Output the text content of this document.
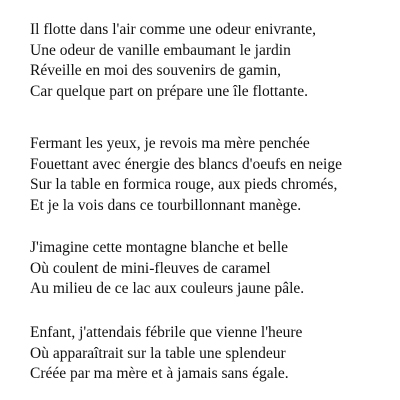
Il flotte dans l'air comme une odeur enivrante,
Une odeur de vanille embaumant le jardin
Réveille en moi des souvenirs de gamin,
Car quelque part on prépare une île flottante.
Fermant les yeux, je revois ma mère penchée
Fouettant avec énergie des blancs d'oeufs en neige
Sur la table en formica rouge, aux pieds chromés,
Et je la vois dans ce tourbillonnant manège.
J'imagine cette montagne blanche et belle
Où coulent de mini-fleuves de caramel
Au milieu de ce lac aux couleurs jaune pâle.
Enfant, j'attendais fébrile que vienne l'heure
Où apparaîtrait sur la table une splendeur
Créée par ma mère et à jamais sans égale.
